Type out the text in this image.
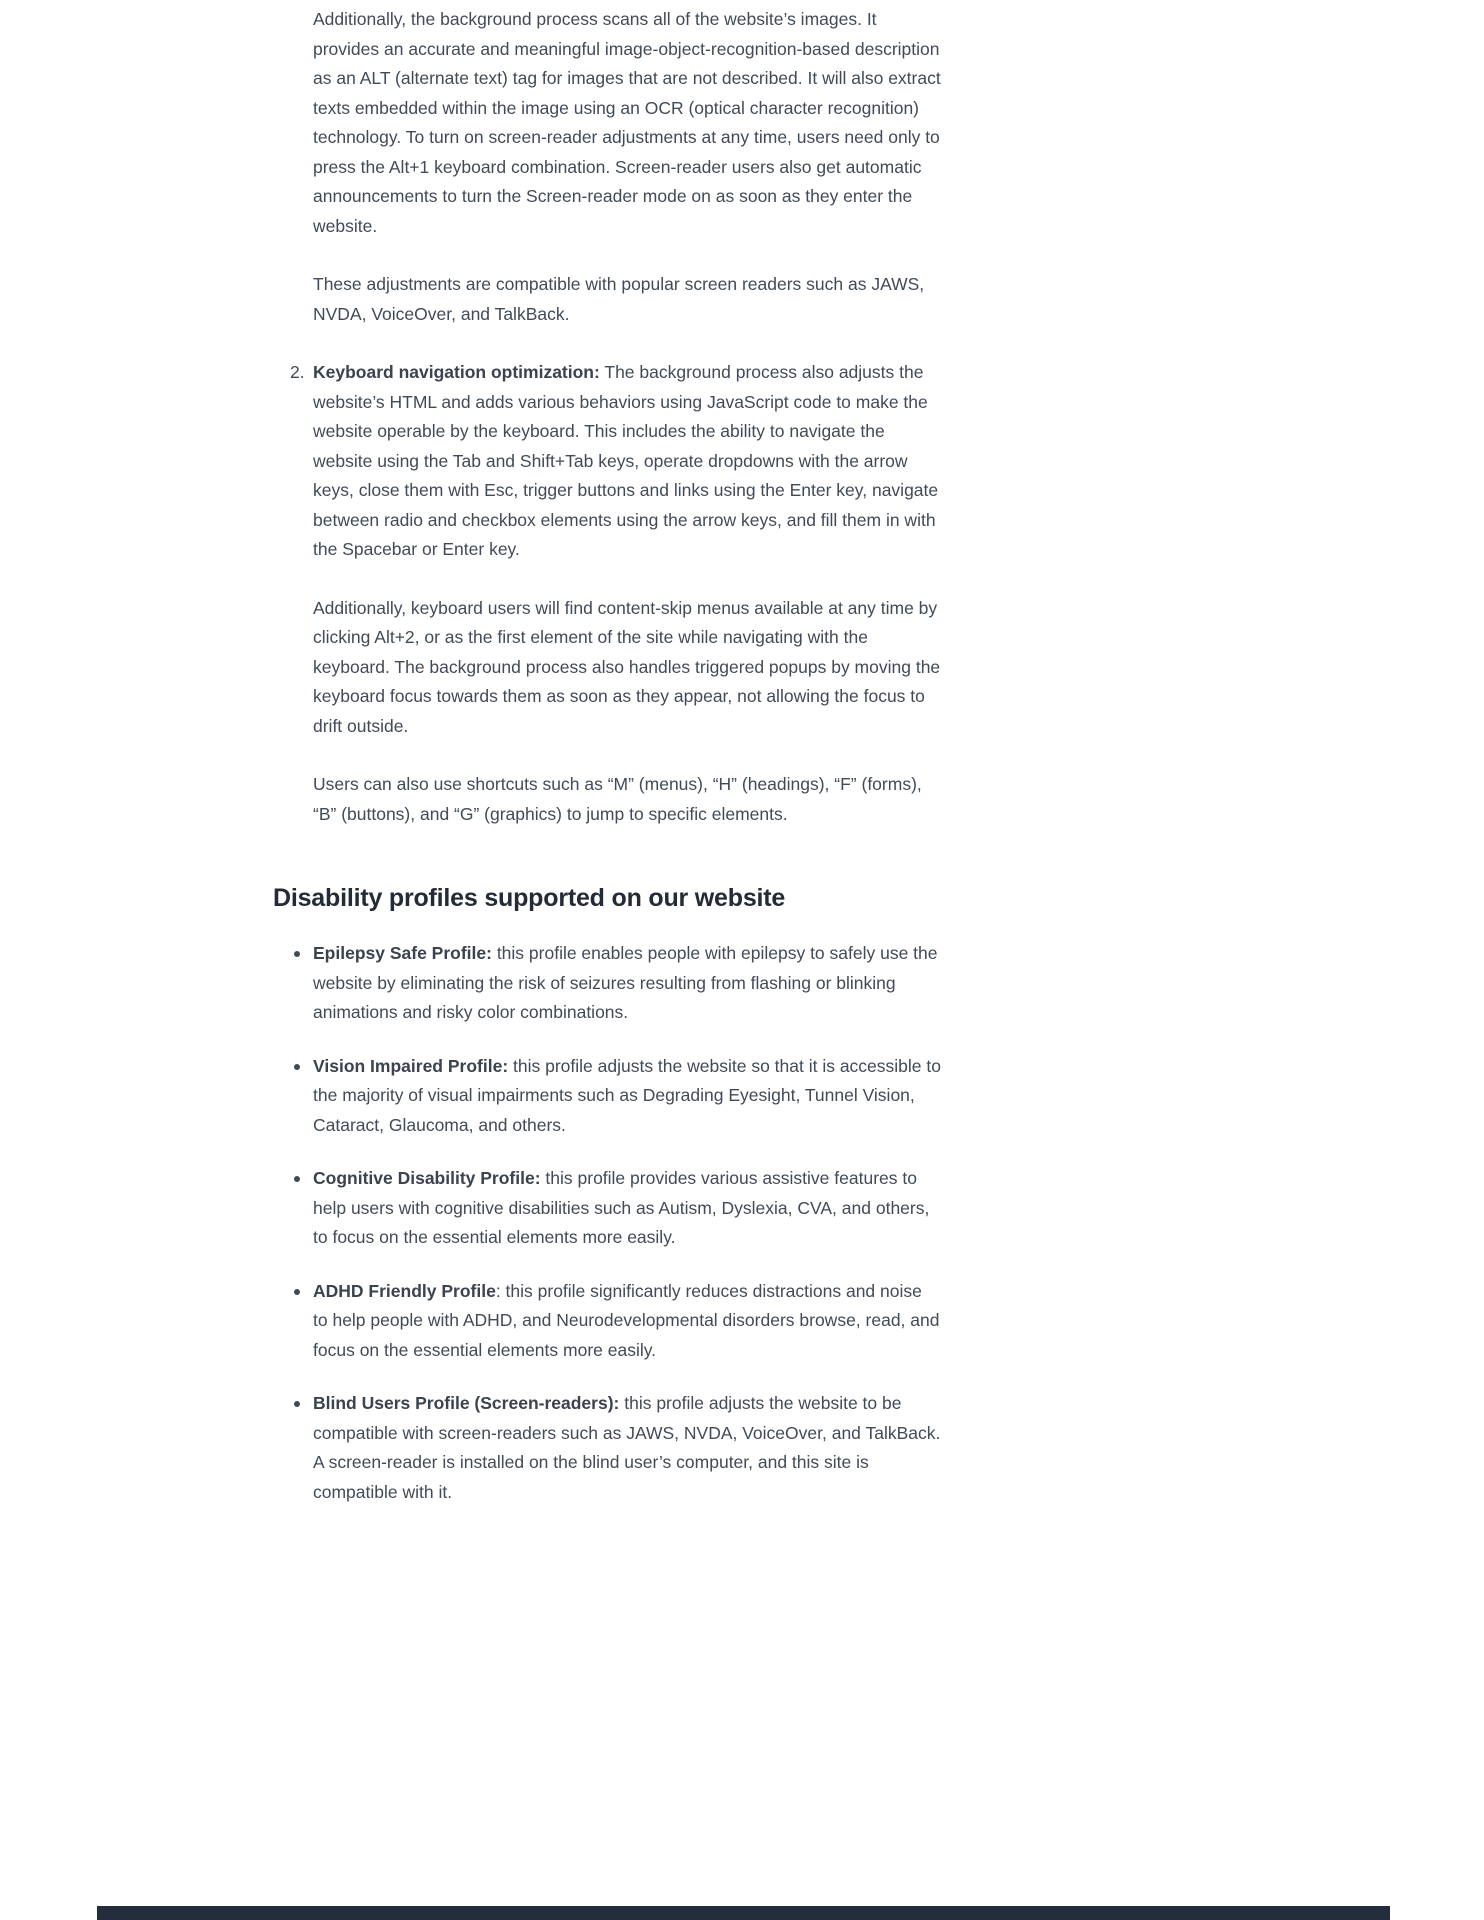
Additionally, the background process scans all of the website’s images. It provides an accurate and meaningful image-object-recognition-based description as an ALT (alternate text) tag for images that are not described. It will also extract texts embedded within the image using an OCR (optical character recognition) technology. To turn on screen-reader adjustments at any time, users need only to press the Alt+1 keyboard combination. Screen-reader users also get automatic announcements to turn the Screen-reader mode on as soon as they enter the website.

These adjustments are compatible with popular screen readers such as JAWS, NVDA, VoiceOver, and TalkBack.

2. Keyboard navigation optimization: The background process also adjusts the website’s HTML and adds various behaviors using JavaScript code to make the website operable by the keyboard. This includes the ability to navigate the website using the Tab and Shift+Tab keys, operate dropdowns with the arrow keys, close them with Esc, trigger buttons and links using the Enter key, navigate between radio and checkbox elements using the arrow keys, and fill them in with the Spacebar or Enter key.

Additionally, keyboard users will find content-skip menus available at any time by clicking Alt+2, or as the first element of the site while navigating with the keyboard. The background process also handles triggered popups by moving the keyboard focus towards them as soon as they appear, not allowing the focus to drift outside.

Users can also use shortcuts such as “M” (menus), “H” (headings), “F” (forms), “B” (buttons), and “G” (graphics) to jump to specific elements.

Disability profiles supported on our website
Epilepsy Safe Profile: this profile enables people with epilepsy to safely use the website by eliminating the risk of seizures resulting from flashing or blinking animations and risky color combinations.
Vision Impaired Profile: this profile adjusts the website so that it is accessible to the majority of visual impairments such as Degrading Eyesight, Tunnel Vision, Cataract, Glaucoma, and others.
Cognitive Disability Profile: this profile provides various assistive features to help users with cognitive disabilities such as Autism, Dyslexia, CVA, and others, to focus on the essential elements more easily.
ADHD Friendly Profile: this profile significantly reduces distractions and noise to help people with ADHD, and Neurodevelopmental disorders browse, read, and focus on the essential elements more easily.
Blind Users Profile (Screen-readers): this profile adjusts the website to be compatible with screen-readers such as JAWS, NVDA, VoiceOver, and TalkBack. A screen-reader is installed on the blind user’s computer, and this site is compatible with it.
